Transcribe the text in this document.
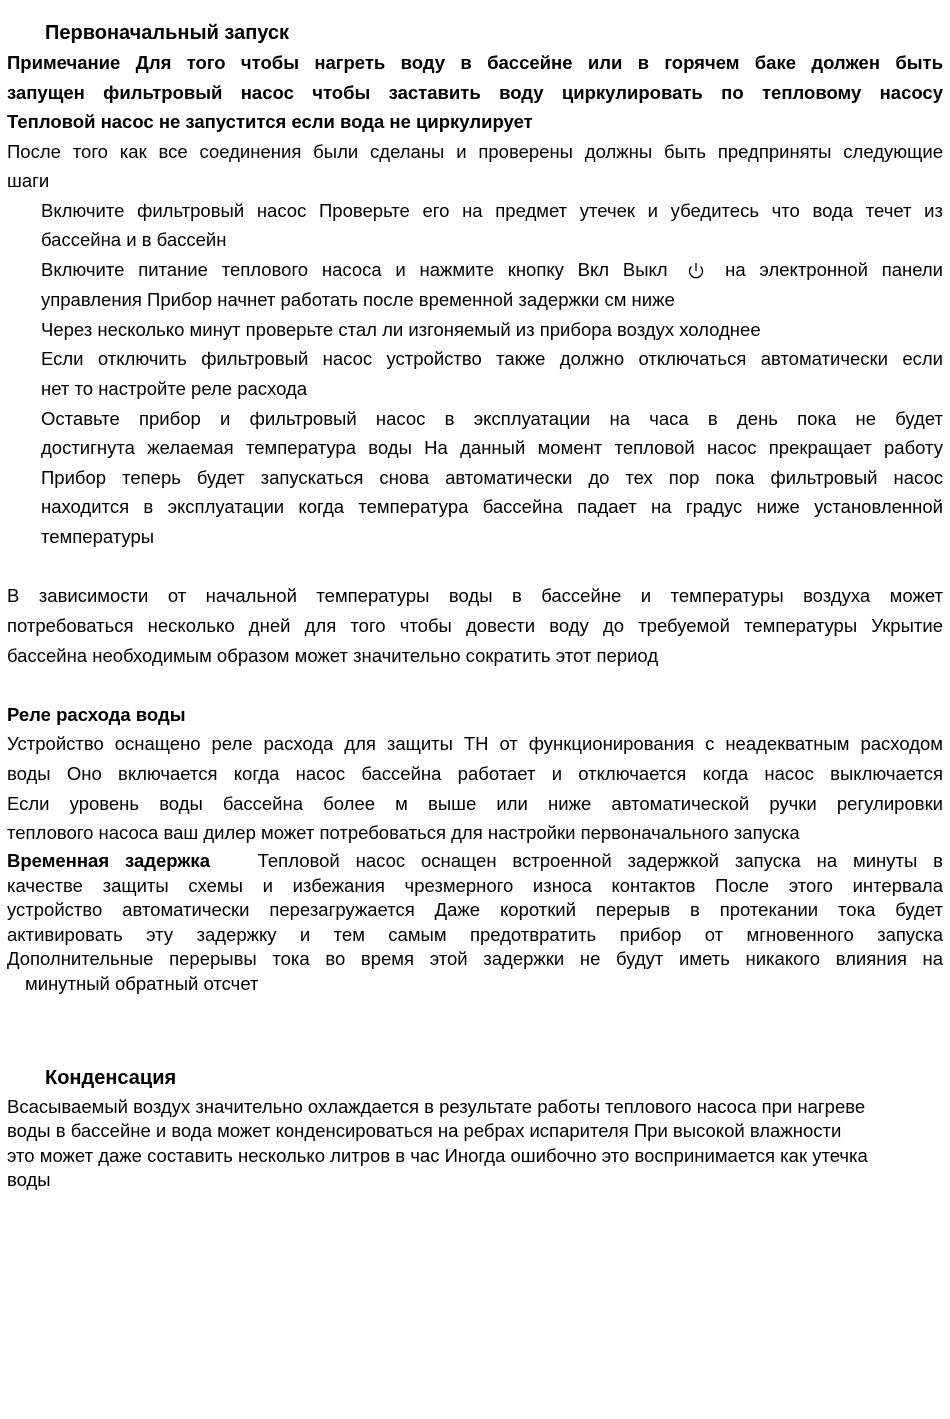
Первоначальный запуск
Примечание Для того чтобы нагреть воду в бассейне или в горячем баке должен быть
запущен фильтровый насос чтобы заставить воду циркулировать по тепловому насосу
Тепловой насос не запустится если вода не циркулирует
После того как все соединения были сделаны и проверены должны быть предприняты следующие
шаги
Включите фильтровый насос Проверьте его на предмет утечек и убедитесь что вода течет из
бассейна и в бассейн
Включите питание теплового насоса и нажмите кнопку Вкл Выкл	на электронной панели
управления Прибор начнет работать после временной задержки см ниже
Через несколько минут проверьте стал ли изгоняемый из прибора воздух холоднее
Если отключить фильтровый насос устройство также должно отключаться автоматически если
нет то настройте реле расхода
Оставьте прибор и фильтровый насос в эксплуатации на часа в день пока не будет
достигнута желаемая температура воды На данный момент тепловой насос прекращает работу
Прибор теперь будет запускаться снова автоматически до тех пор пока фильтровый насос
находится в эксплуатации когда температура бассейна падает на градус ниже установленной
температуры
В зависимости от начальной температуры воды в бассейне и температуры воздуха может
потребоваться несколько дней для того чтобы довести воду до требуемой температуры Укрытие
бассейна необходимым образом может значительно сократить этот период
Реле расхода воды
Устройство оснащено реле расхода для защиты ТН от функционирования с неадекватным расходом
воды Оно включается когда насос бассейна работает и отключается когда насос выключается
Если уровень воды бассейна более м выше или ниже автоматической ручки регулировки
теплового насоса ваш дилер может потребоваться для настройки первоначального запуска
Временная задержка	Тепловой насос оснащен встроенной задержкой запуска на минуты в
качестве защиты схемы и избежания чрезмерного износа контактов После этого интервала
устройство автоматически перезагружается Даже короткий перерыв в протекании тока будет
активировать эту задержку и тем самым предотвратить прибор от мгновенного запуска
Дополнительные перерывы тока во время этой задержки не будут иметь никакого влияния на
минутный обратный отсчет
Конденсация
Всасываемый воздух значительно охлаждается в результате работы теплового насоса при нагреве
воды в бассейне и вода может конденсироваться на ребрах испарителя При высокой влажности
это может даже составить несколько литров в час Иногда ошибочно это воспринимается как утечка
воды
